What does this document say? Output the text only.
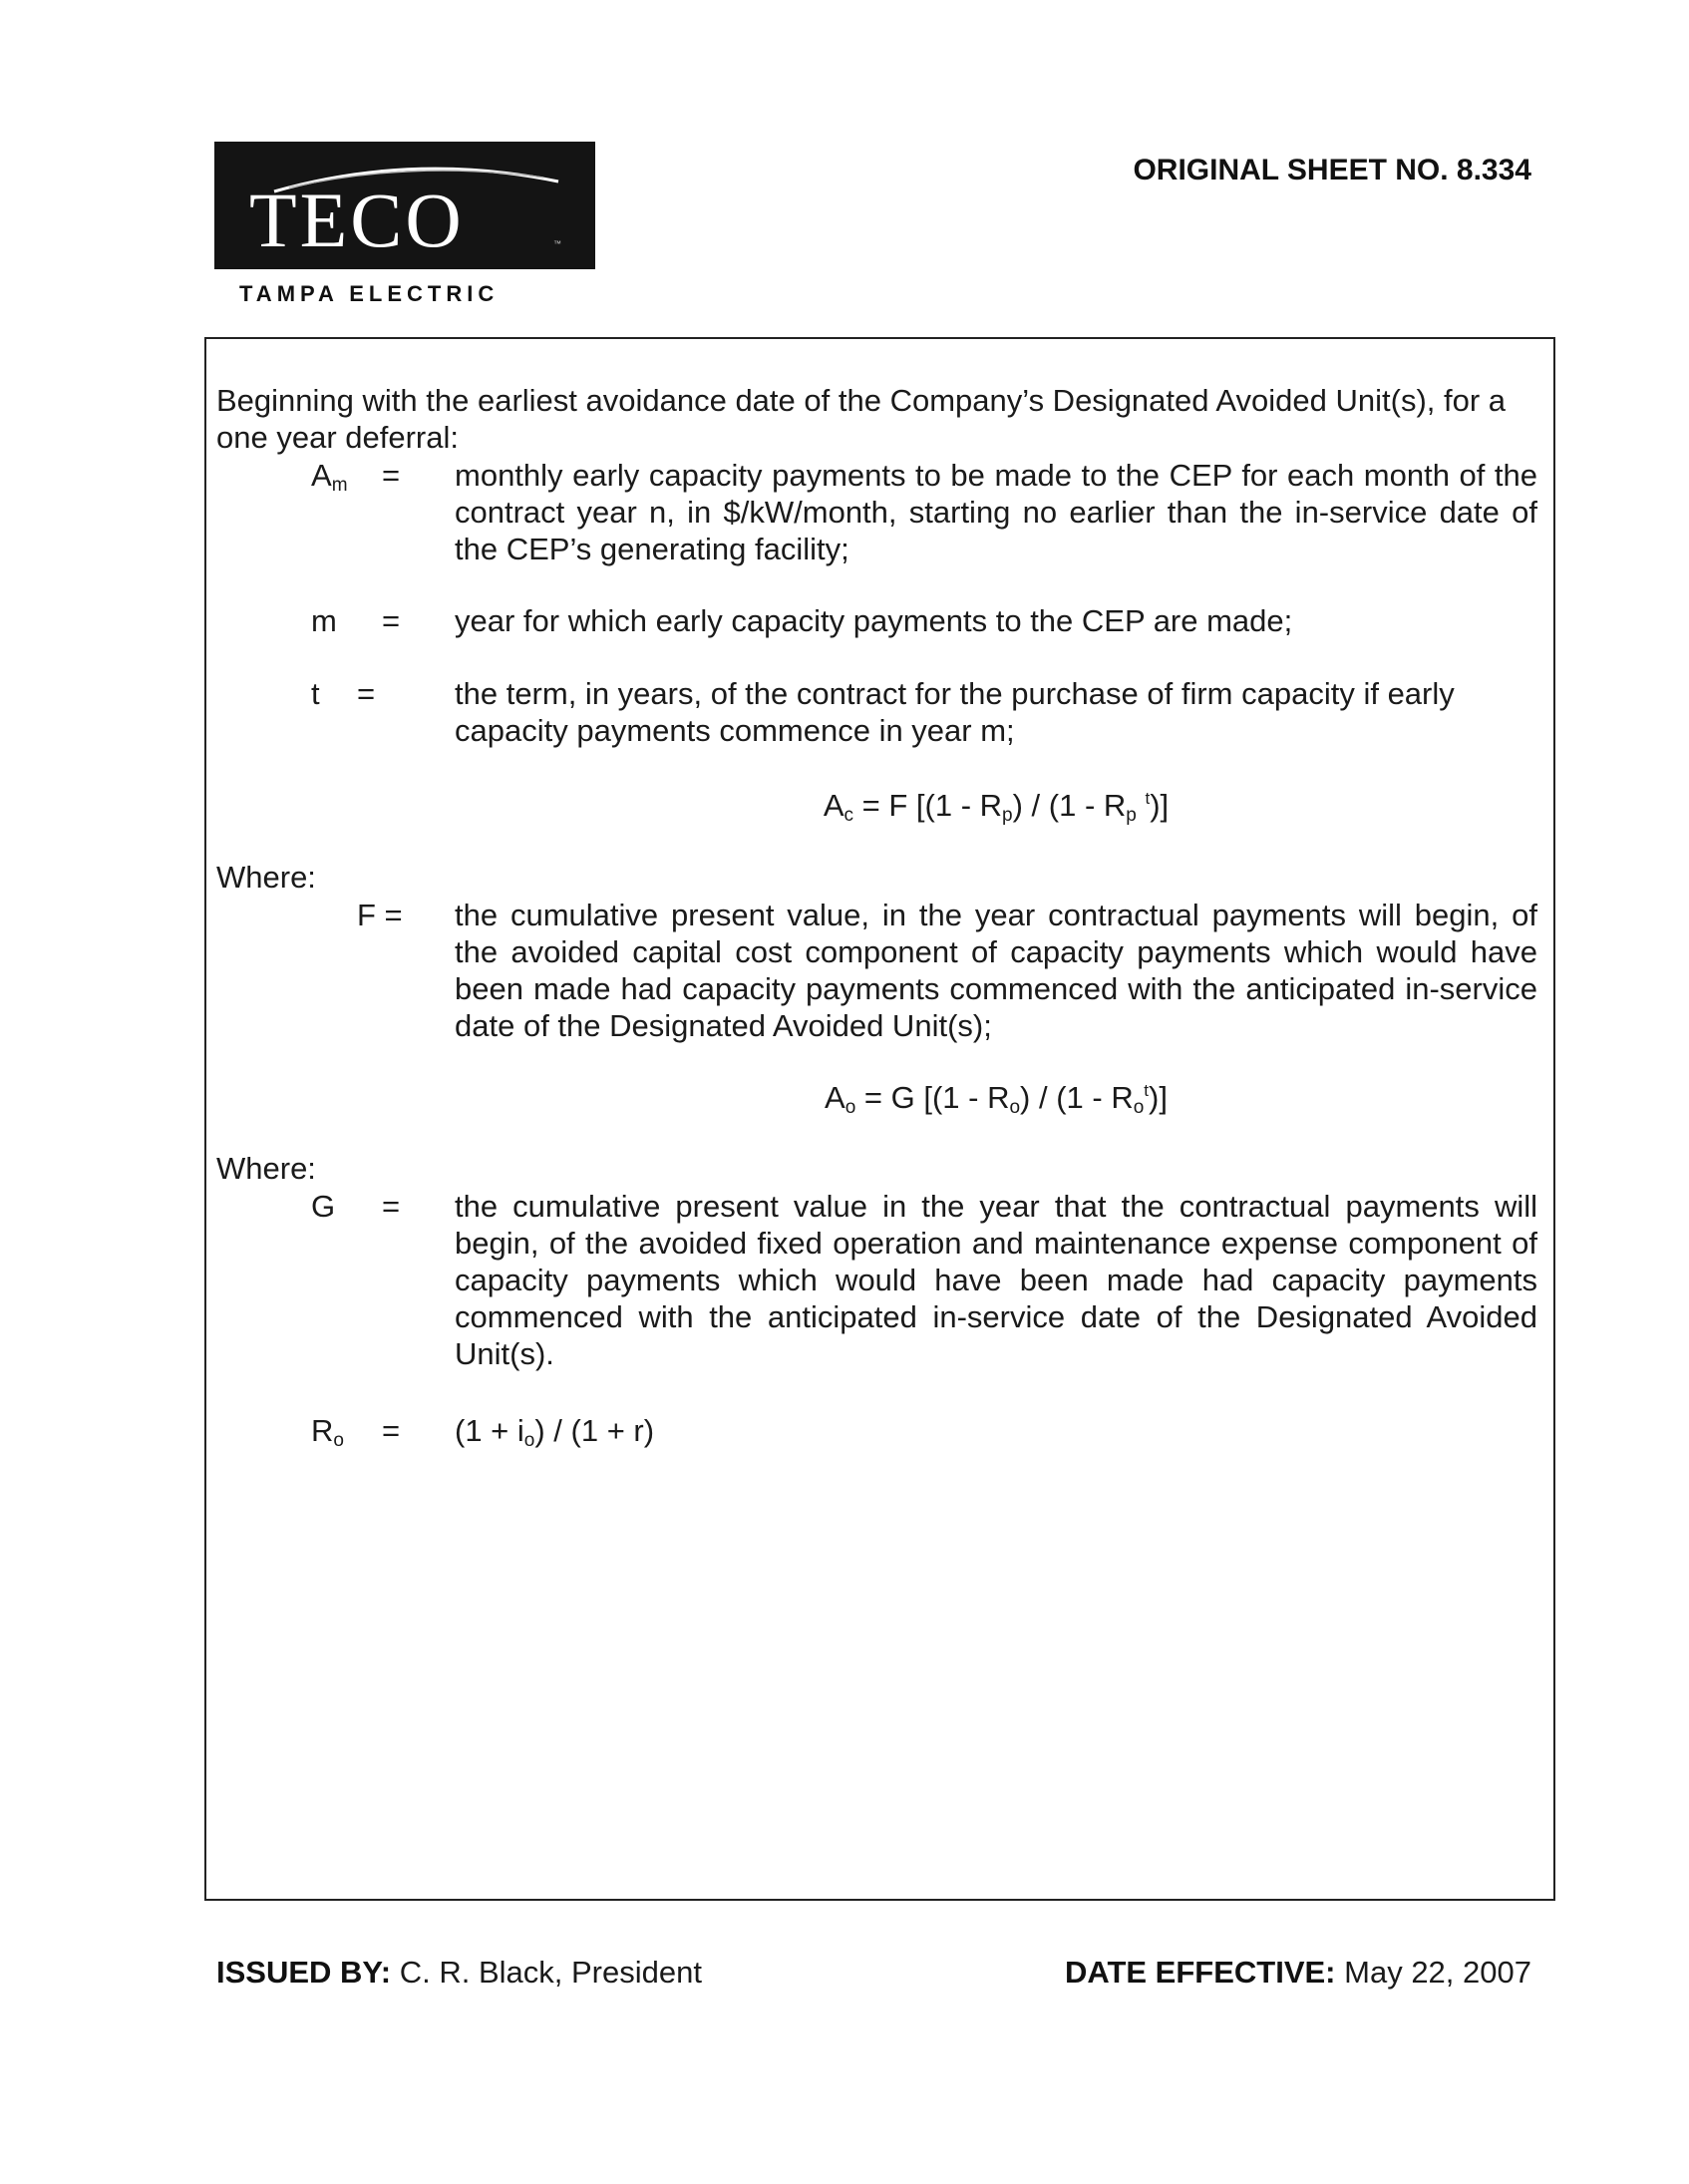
TECO	™
TAMPA ELECTRIC
ORIGINAL SHEET NO. 8.334
Beginning with the earliest avoidance date of the Company’s Designated Avoided Unit(s), for a one year deferral:
$A_m$ = monthly early capacity payments to be made to the CEP for each month of the contract year n, in $/kW/month, starting no earlier than the in-service date of the CEP’s generating facility;
m = year for which early capacity payments to the CEP are made;
t =	the term, in years, of the contract for the purchase of firm capacity if early capacity payments commence in year m;
$A_c = F$ [$(1 - R_p) / (1 - R_p$ $^t$)]
Where:
F = the cumulative present value, in the year contractual payments will begin, of the avoided capital cost component of capacity payments which would have been made had capacity payments commenced with the anticipated in-service date of the Designated Avoided Unit(s);
$A_o = G$ $[(1 - R_o) / (1 - R_o^t)]$
Where:
G = the cumulative present value in the year that the contractual payments will begin, of the avoided fixed operation and maintenance expense component of capacity payments which would have been made had capacity payments commenced with the anticipated in-service date of the Designated Avoided Unit(s).
$R_o = (1 + i_o) / (1 + r)$
ISSUED BY: C. R. Black, President	DATE EFFECTIVE: May 22, 2007
